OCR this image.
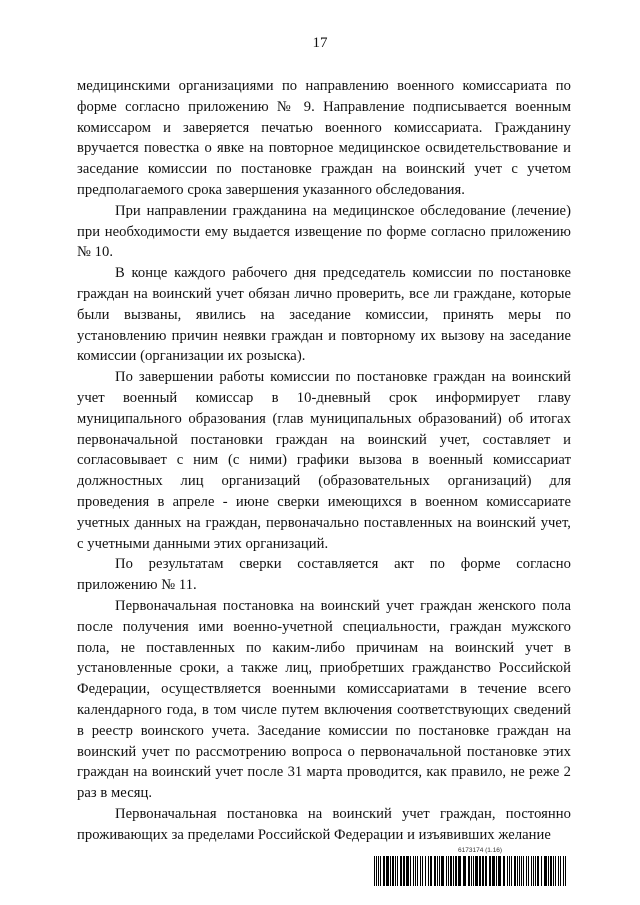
17

медицинскими организациями по направлению военного комиссариата по форме согласно приложению № 9. Направление подписывается военным комиссаром и заверяется печатью военного комиссариата. Гражданину вручается повестка о явке на повторное медицинское освидетельствование и заседание комиссии по постановке граждан на воинский учет с учетом предполагаемого срока завершения указанного обследования.

При направлении гражданина на медицинское обследование (лечение) при необходимости ему выдается извещение по форме согласно приложению № 10.

В конце каждого рабочего дня председатель комиссии по постановке граждан на воинский учет обязан лично проверить, все ли граждане, которые были вызваны, явились на заседание комиссии, принять меры по установлению причин неявки граждан и повторному их вызову на заседание комиссии (организации их розыска).

По завершении работы комиссии по постановке граждан на воинский учет военный комиссар в 10-дневный срок информирует главу муниципального образования (глав муниципальных образований) об итогах первоначальной постановки граждан на воинский учет, составляет и согласовывает с ним (с ними) графики вызова в военный комиссариат должностных лиц организаций (образовательных организаций) для проведения в апреле - июне сверки имеющихся в военном комиссариате учетных данных на граждан, первоначально поставленных на воинский учет, с учетными данными этих организаций.

По результатам сверки составляется акт по форме согласно приложению № 11.

Первоначальная постановка на воинский учет граждан женского пола после получения ими военно-учетной специальности, граждан мужского пола, не поставленных по каким-либо причинам на воинский учет в установленные сроки, а также лиц, приобретших гражданство Российской Федерации, осуществляется военными комиссариатами в течение всего календарного года, в том числе путем включения соответствующих сведений в реестр воинского учета. Заседание комиссии по постановке граждан на воинский учет по рассмотрению вопроса о первоначальной постановке этих граждан на воинский учет после 31 марта проводится, как правило, не реже 2 раз в месяц.

Первоначальная постановка на воинский учет граждан, постоянно проживающих за пределами Российской Федерации и изъявивших желание

6173174 (1.16)
